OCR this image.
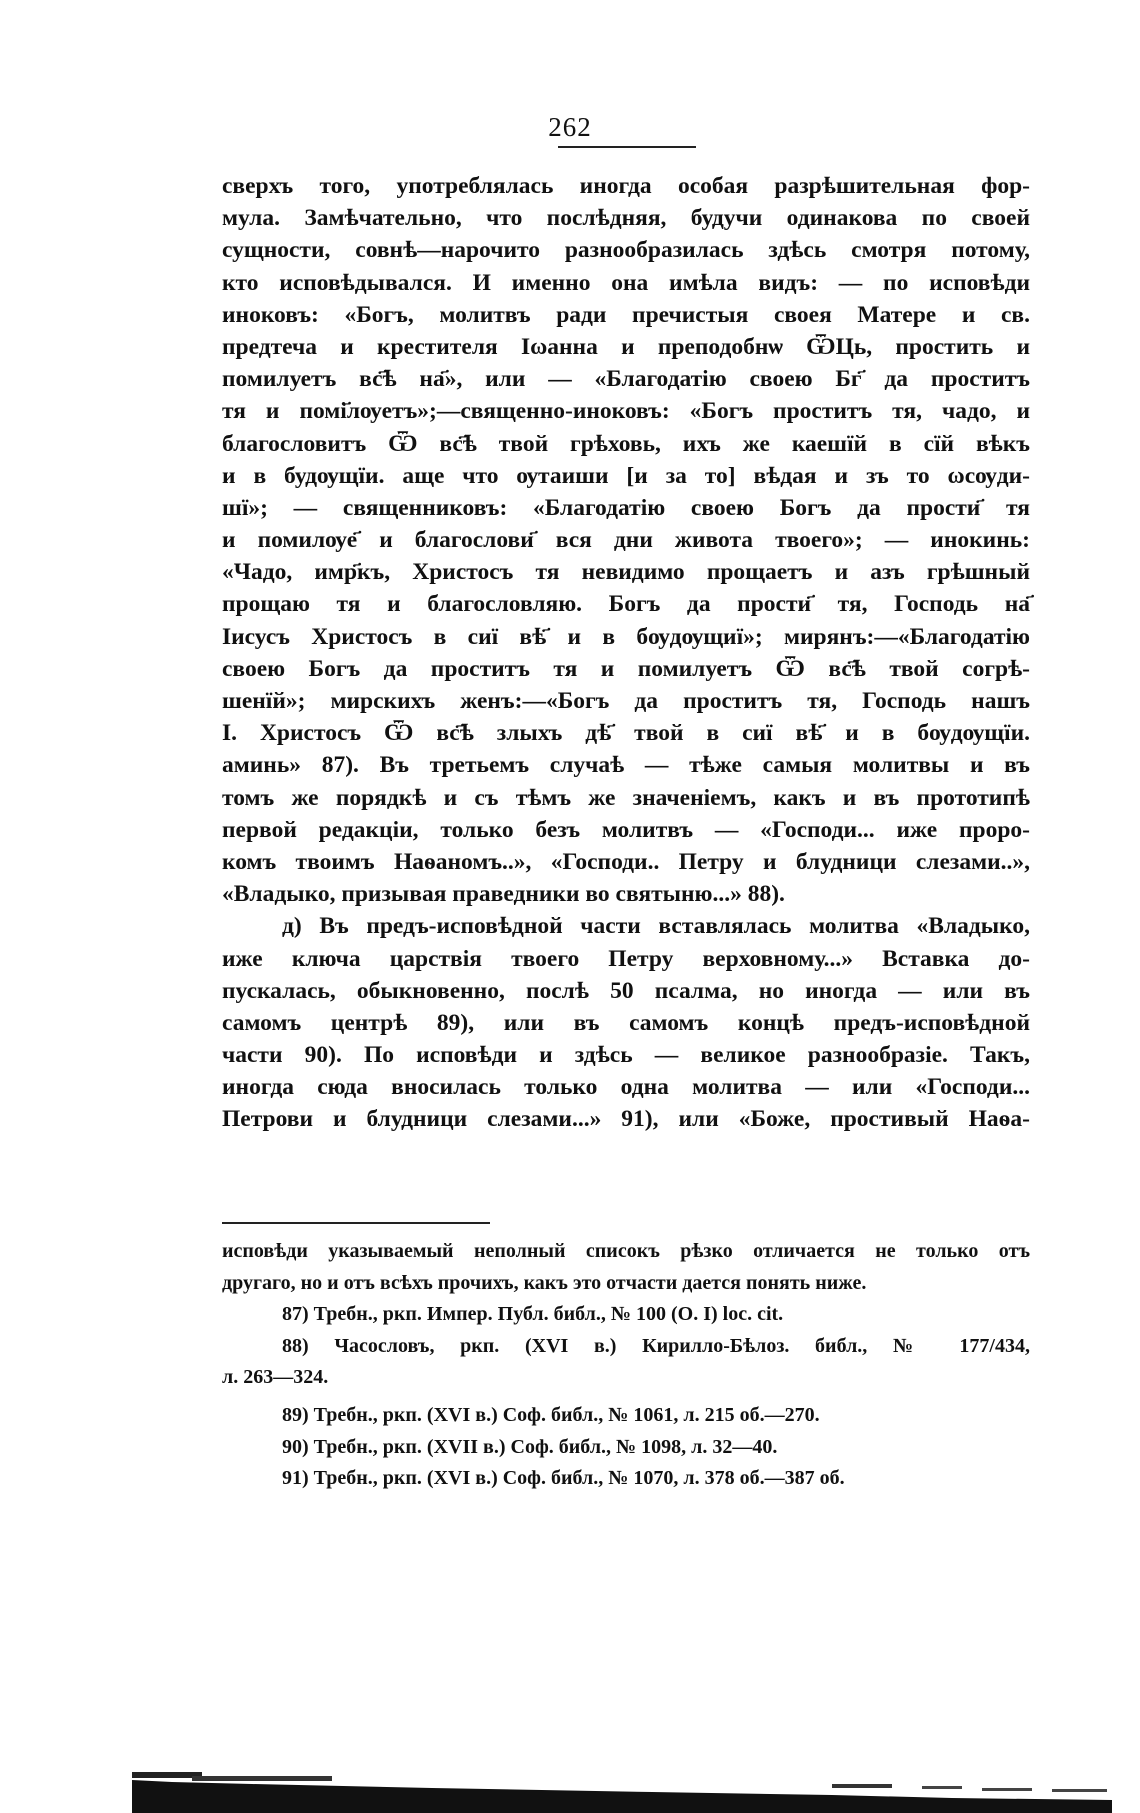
262
сверхъ того, употреблялась иногда особая разрѣшительная фор-
мула. Замѣчательно, что послѣдняя, будучи одинакова по своей
сущности, совнѣ—нарочито разнообразилась здѣсь смотря потому,
кто исповѣдывался. И именно она имѣла видъ: — по исповѣди
иноковъ: «Богъ, молитвъ ради пречистыя своея Матере и св.
предтеча и крестителя Іωанна и преподобнѡ ѾЦь, простить и
помилуетъ вс҃ѣ на҃», или — «Благодатію своею Бг҃ да проститъ
тя и помі҃лѹетъ»;—священно-иноковъ: «Богъ проститъ тя, чадо, и
благословитъ Ѿ вс҃ѣ твой грѣховь, ихъ же каешїй в сїй вѣкъ
и в будѹщїи. аще что ѹтаиши [и за то] вѣдая и зъ то ωсѹди-
шї»; — священниковъ: «Благодатію своею Богъ да прости҃ тя
и помилѹе҃ и благослови҃ вся дни живота твоего»; — инокинь:
«Чадо, имр҃къ, Христосъ тя невидимо прощаетъ и азъ грѣшный
прощаю тя и благословляю. Богъ да прости҃ тя, Господь на҃
Іисусъ Христосъ в сиї вѣ҃ и в бѹдѹщиї»; мирянъ:—«Благодатію
своею Богъ да проститъ тя и помилуетъ Ѿ вс҃ѣ твой согрѣ-
шенїй»; мирскихъ женъ:—«Богъ да проститъ тя, Господь нашъ
І. Христосъ Ѿ вс҃ѣ злыхъ дѣ҃ твой в сиї вѣ҃ и в бѹдѹщїи.
аминь» 87). Въ третьемъ случаѣ — тѣже самыя молитвы и въ
томъ же порядкѣ и съ тѣмъ же значеніемъ, какъ и въ прототипѣ
первой редакціи, только безъ молитвъ — «Господи... иже проро-
комъ твоимъ Наѳаномъ..», «Господи.. Петру и блудници слезами..»,
«Владыко, призывая праведники во святыню...» 88).
д) Въ предъ-исповѣдной части вставлялась молитва «Владыко,
иже ключа царствія твоего Петру верховному...» Вставка до-
пускалась, обыкновенно, послѣ 50 псалма, но иногда — или въ
самомъ центрѣ 89), или въ самомъ концѣ предъ-исповѣдной
части 90). По исповѣди и здѣсь — великое разнообразіе. Такъ,
иногда сюда вносилась только одна молитва — или «Господи...
Петрови и блудници слезами...» 91), или «Боже, простивый Наѳа-
исповѣди указываемый неполный списокъ рѣзко отличается не только отъ
другаго, но и отъ всѣхъ прочихъ, какъ это отчасти дается понять ниже.
87) Требн., ркп. Импер. Публ. библ., № 100 (O. I) loc. cit.
88) Часословъ, ркп. (XVI в.) Кирилло-Бѣлоз. библ., № 177/434,
л. 263—324.
89) Требн., ркп. (XVI в.) Соф. библ., № 1061, л. 215 об.—270.
90) Требн., ркп. (XVII в.) Соф. библ., № 1098, л. 32—40.
91) Требн., ркп. (XVI в.) Соф. библ., № 1070, л. 378 об.—387 об.
